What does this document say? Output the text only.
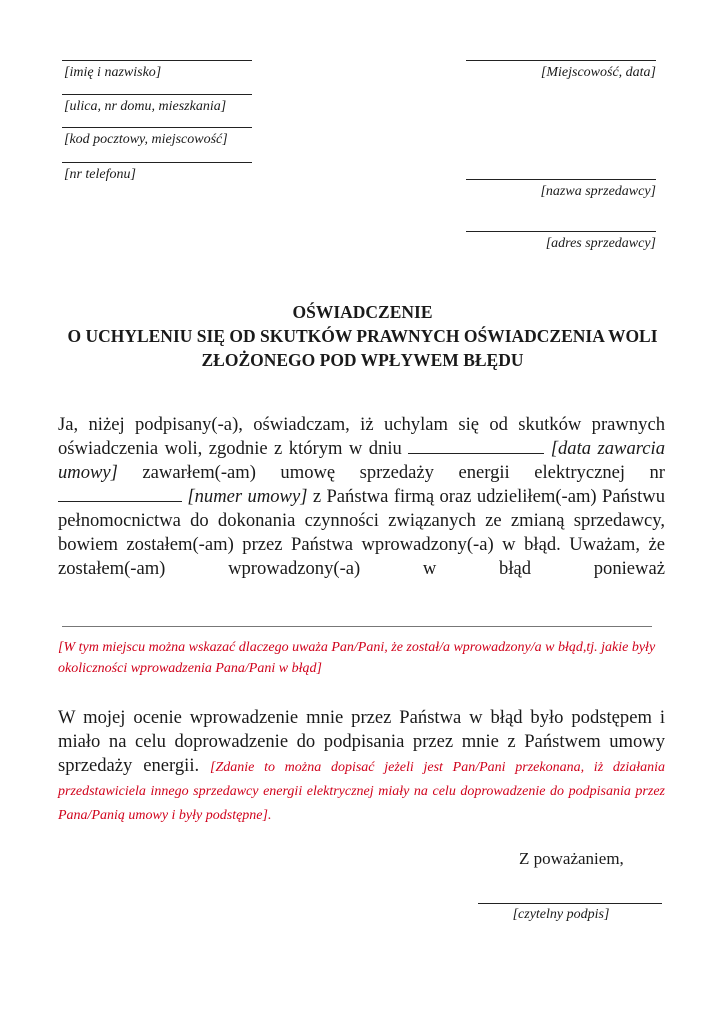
[imię i nazwisko]
[ulica, nr domu, mieszkania]
[kod pocztowy, miejscowość]
[nr telefonu]
[Miejscowość, data]
[nazwa sprzedawcy]
[adres sprzedawcy]
OŚWIADCZENIE
O UCHYLENIU SIĘ OD SKUTKÓW PRAWNYCH OŚWIADCZENIA WOLI
ZŁOŻONEGO POD WPŁYWEM BŁĘDU
Ja, niżej podpisany(-a), oświadczam, iż uchylam się od skutków prawnych oświadczenia woli, zgodnie z którym w dniu	[data zawarcia umowy] zawarłem(-am) umowę sprzedaży energii elektrycznej nr  [numer umowy] z Państwa firmą oraz udzieliłem(-am) Państwu pełnomocnictwa do dokonania czynności związanych ze zmianą sprzedawcy, bowiem zostałem(-am) przez Państwa wprowadzony(-a) w błąd. Uważam, że zostałem(-am) wprowadzony(-a) w błąd ponieważ
[W tym miejscu można wskazać dlaczego uważa Pan/Pani, że został/a wprowadzony/a w błąd,tj. jakie były okoliczności wprowadzenia Pana/Pani w błąd]
W mojej ocenie wprowadzenie mnie przez Państwa w błąd było podstępem i miało na celu doprowadzenie do podpisania przez mnie z Państwem umowy sprzedaży energii. [Zdanie to można dopisać jeżeli jest Pan/Pani przekonana, iż działania przedstawiciela innego sprzedawcy energii elektrycznej miały na celu doprowadzenie do podpisania przez Pana/Panią umowy i były podstępne].
Z poważaniem,
[czytelny podpis]
